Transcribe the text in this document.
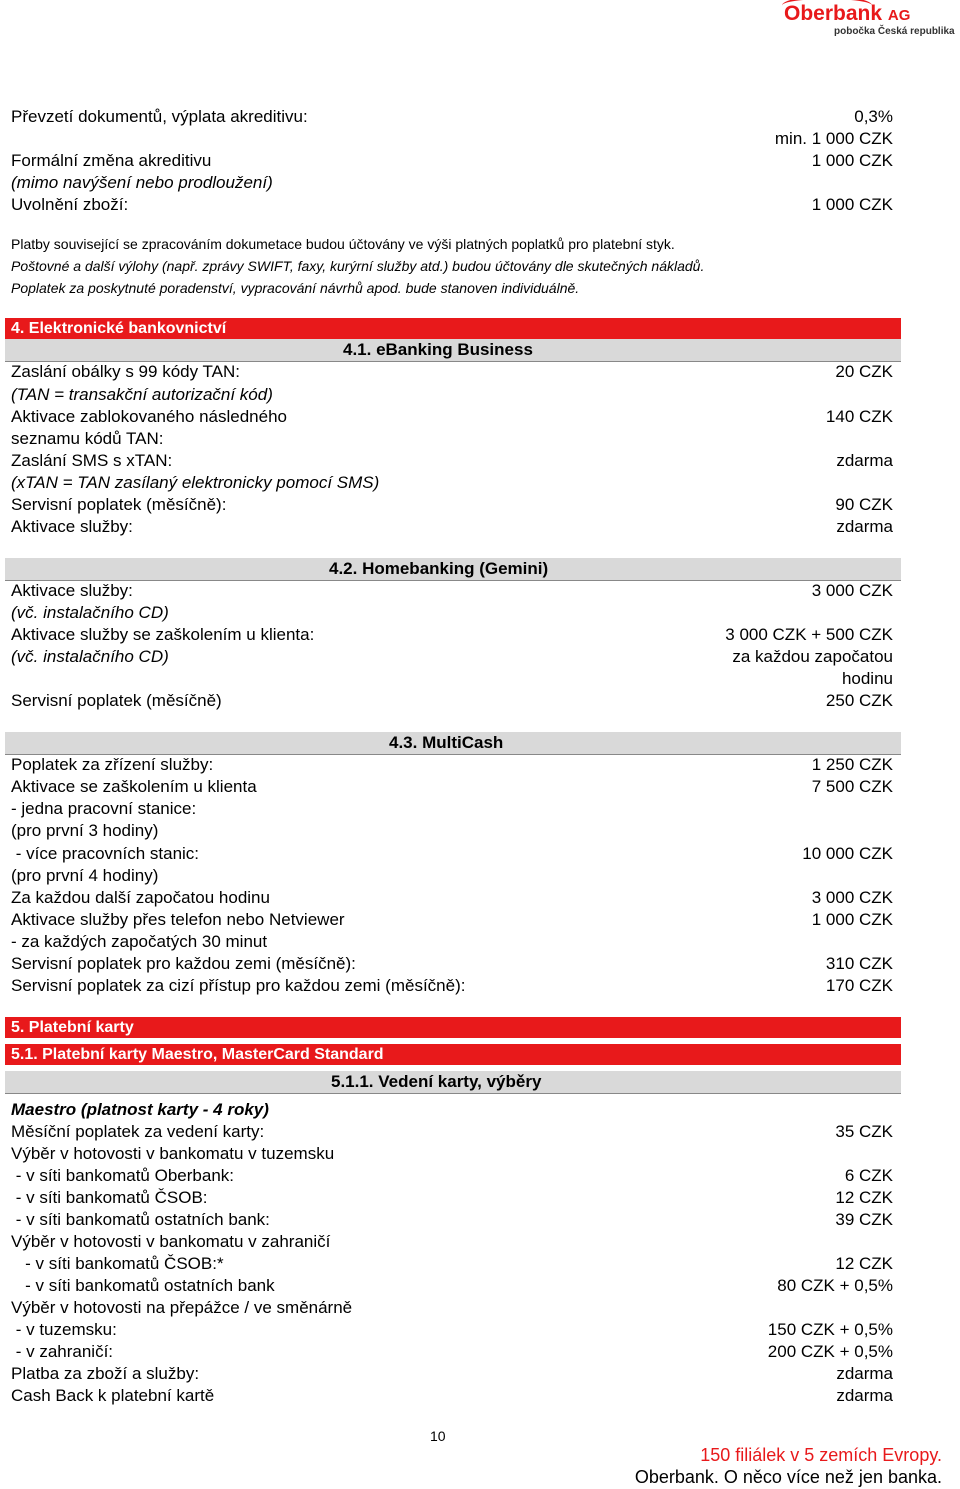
Oberbank AG
pobočka Česká republika
Převzetí dokumentů, výplata akreditivu:	0,3%
min. 1 000 CZK
Formální změna akreditivu	1 000 CZK
(mimo navýšení nebo prodloužení)
Uvolnění zboží:	1 000 CZK
Platby související se zpracováním dokumetace budou účtovány ve výši platných poplatků pro platební styk.
Poštovné a další výlohy (např. zprávy SWIFT, faxy, kurýrní služby atd.) budou účtovány dle skutečných nákladů.
Poplatek za poskytnuté poradenství, vypracování návrhů apod. bude stanoven individuálně.
4. Elektronické bankovnictví
4.1. eBanking Business
Zaslání obálky s 99 kódy TAN:	20 CZK
(TAN = transakční autorizační kód)
Aktivace zablokovaného následného	140 CZK
seznamu kódů TAN:
Zaslání SMS s xTAN:	zdarma
(xTAN = TAN zasílaný elektronicky pomocí SMS)
Servisní poplatek (měsíčně):	90 CZK
Aktivace služby:	zdarma
4.2. Homebanking (Gemini)
Aktivace služby:	3 000 CZK
(vč. instalačního CD)
Aktivace služby se zaškolením u klienta:	3 000 CZK + 500 CZK
(vč. instalačního CD)	za každou započatou
hodinu
Servisní poplatek (měsíčně)	250 CZK
4.3. MultiCash
Poplatek za zřízení služby:	1 250 CZK
Aktivace se zaškolením u klienta	7 500 CZK
- jedna pracovní stanice:
(pro první 3 hodiny)
- více pracovních stanic:	10 000 CZK
(pro první 4 hodiny)
Za každou další započatou hodinu	3 000 CZK
Aktivace služby přes telefon nebo Netviewer	1 000 CZK
- za každých započatých 30 minut
Servisní poplatek pro každou zemi (měsíčně):	310 CZK
Servisní poplatek za cizí přístup pro každou zemi (měsíčně):	170 CZK
5. Platební karty
5.1. Platební karty Maestro, MasterCard Standard
5.1.1. Vedení karty, výběry
Maestro (platnost karty - 4 roky)
Měsíční poplatek za vedení karty:	35 CZK
Výběr v hotovosti v bankomatu v tuzemsku
- v síti bankomatů Oberbank:	6 CZK
- v síti bankomatů ČSOB:	12 CZK
- v síti bankomatů ostatních bank:	39 CZK
Výběr v hotovosti v bankomatu v zahraničí
- v síti bankomatů ČSOB:*	12 CZK
- v síti bankomatů ostatních bank	80 CZK + 0,5%
Výběr v hotovosti na přepážce / ve směnárně
- v tuzemsku:	150 CZK + 0,5%
- v zahraničí:	200 CZK + 0,5%
Platba za zboží a služby:	zdarma
Cash Back k platební kartě	zdarma
10
150 filiálek v 5 zemích Evropy.
Oberbank. O něco více než jen banka.
